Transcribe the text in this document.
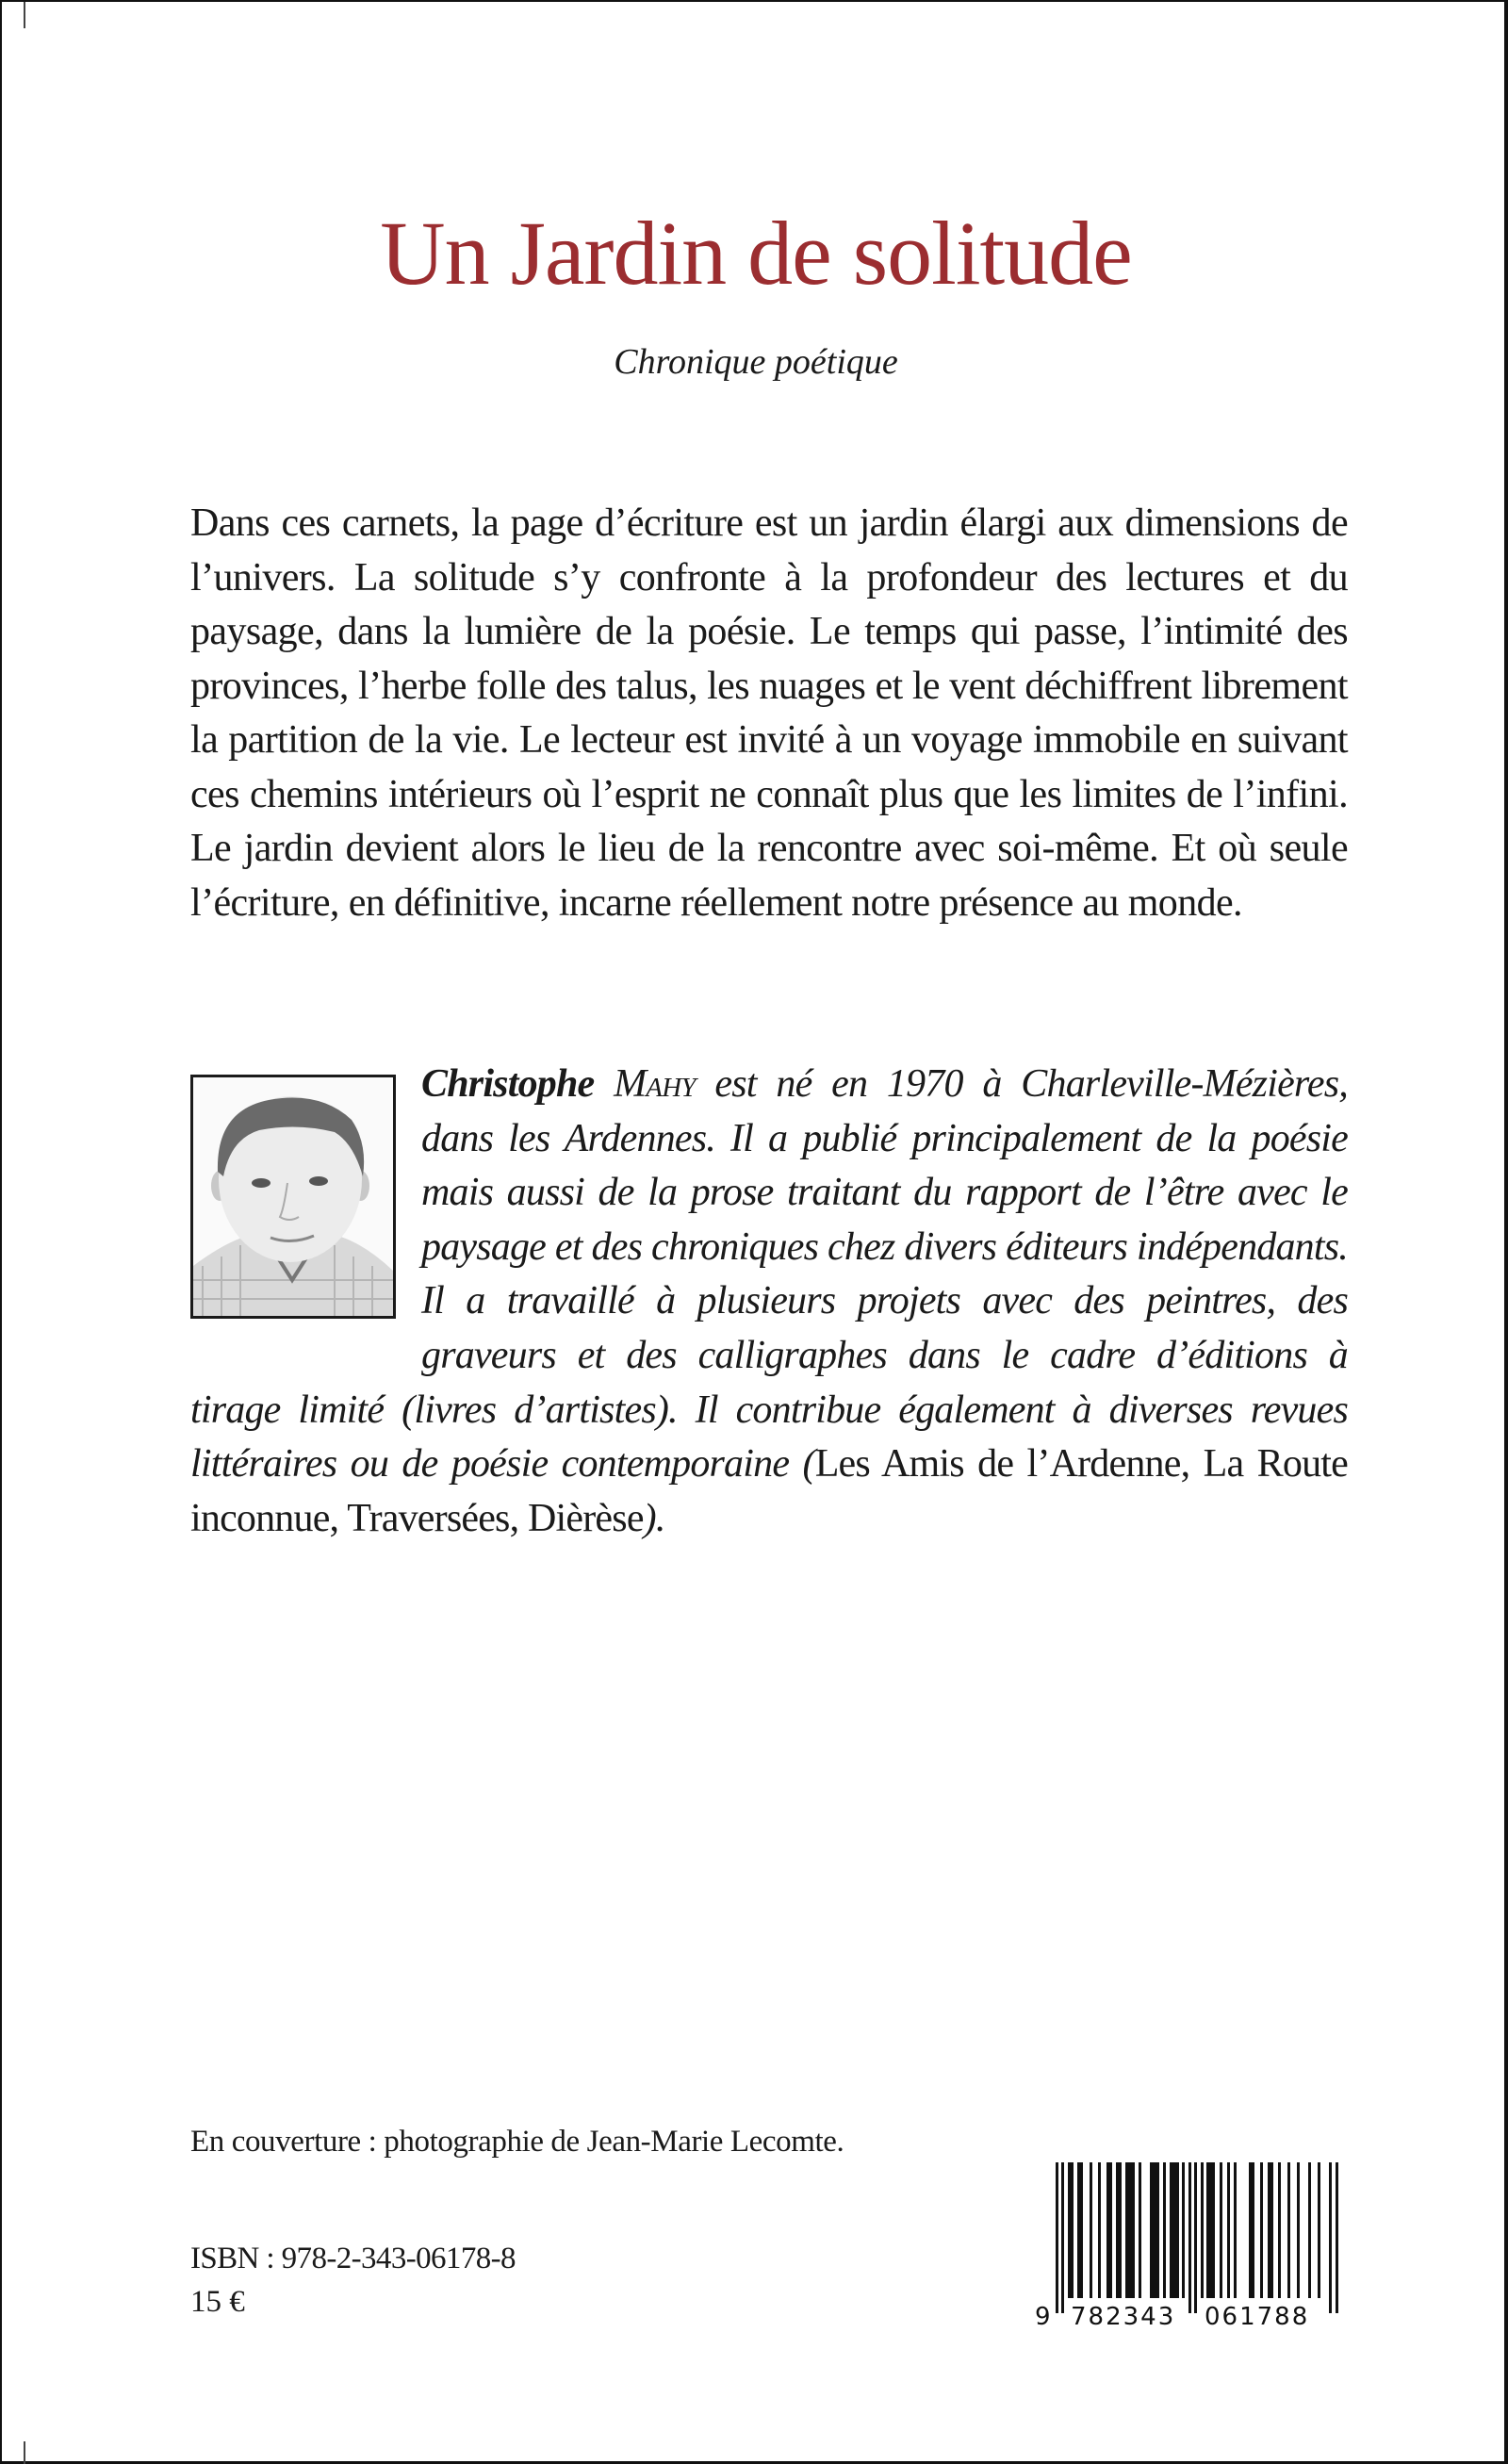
Un Jardin de solitude
Chronique poétique

Dans ces carnets, la page d’écriture est un jardin élargi aux dimensions de l’univers. La solitude s’y confronte à la profondeur des lectures et du paysage, dans la lumière de la poésie. Le temps qui passe, l’intimité des provinces, l’herbe folle des talus, les nuages et le vent déchiffrent librement la partition de la vie. Le lecteur est invité à un voyage immobile en suivant ces chemins intérieurs où l’esprit ne connaît plus que les limites de l’infini. Le jardin devient alors le lieu de la rencontre avec soi-même. Et où seule l’écriture, en définitive, incarne réellement notre présence au monde.

Christophe Mahy est né en 1970 à Charleville-Mézières, dans les Ardennes. Il a publié principalement de la poésie mais aussi de la prose traitant du rapport de l’être avec le paysage et des chroniques chez divers éditeurs indépendants. Il a travaillé à plusieurs projets avec des peintres, des graveurs et des calligraphes dans le cadre d’éditions à tirage limité (livres d’artistes). Il contribue également à diverses revues littéraires ou de poésie contemporaine (Les Amis de l’Ardenne, La Route inconnue, Traversées, Dièrèse).

En couverture : photographie de Jean-Marie Lecomte.
ISBN : 978-2-343-06178-8
15 €	9 782343 061788
